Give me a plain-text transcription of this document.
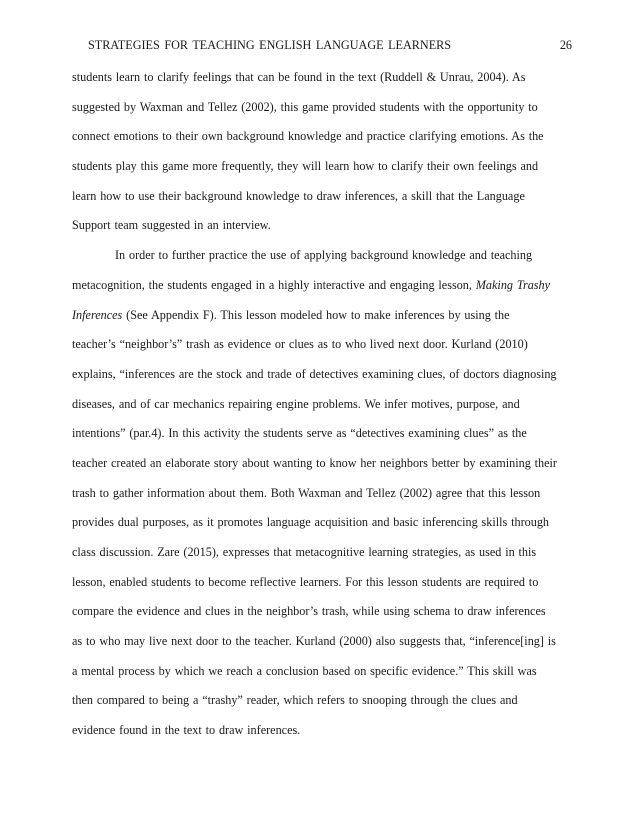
STRATEGIES FOR TEACHING ENGLISH LANGUAGE LEARNERS	26
students learn to clarify feelings that can be found in the text (Ruddell & Unrau, 2004). As
suggested by Waxman and Tellez (2002), this game provided students with the opportunity to
connect emotions to their own background knowledge and practice clarifying emotions. As the
students play this game more frequently, they will learn how to clarify their own feelings and
learn how to use their background knowledge to draw inferences, a skill that the Language
Support team suggested in an interview.
In order to further practice the use of applying background knowledge and teaching
metacognition, the students engaged in a highly interactive and engaging lesson, Making Trashy
Inferences (See Appendix F). This lesson modeled how to make inferences by using the
teacher’s “neighbor’s” trash as evidence or clues as to who lived next door. Kurland (2010)
explains, “inferences are the stock and trade of detectives examining clues, of doctors diagnosing
diseases, and of car mechanics repairing engine problems. We infer motives, purpose, and
intentions” (par.4). In this activity the students serve as “detectives examining clues” as the
teacher created an elaborate story about wanting to know her neighbors better by examining their
trash to gather information about them. Both Waxman and Tellez (2002) agree that this lesson
provides dual purposes, as it promotes language acquisition and basic inferencing skills through
class discussion. Zare (2015), expresses that metacognitive learning strategies, as used in this
lesson, enabled students to become reflective learners. For this lesson students are required to
compare the evidence and clues in the neighbor’s trash, while using schema to draw inferences
as to who may live next door to the teacher. Kurland (2000) also suggests that, “inference[ing] is
a mental process by which we reach a conclusion based on specific evidence.” This skill was
then compared to being a “trashy” reader, which refers to snooping through the clues and
evidence found in the text to draw inferences.
